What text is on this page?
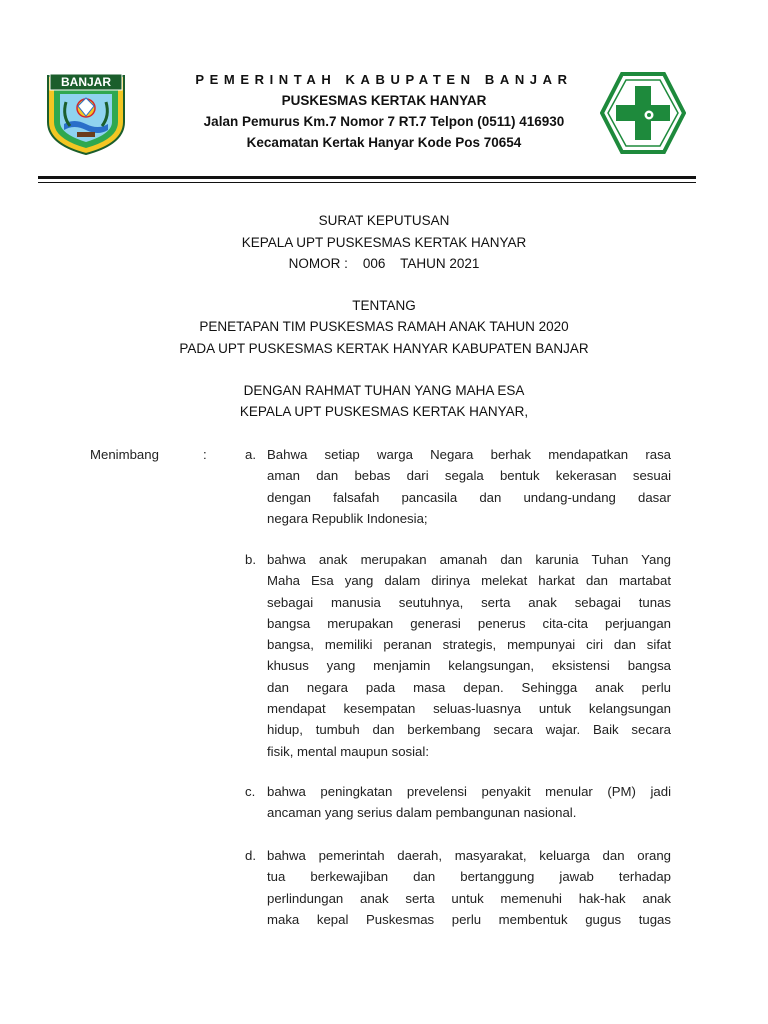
BANJAR	PEMERINTAH KABUPATEN BANJAR
PUSKESMAS KERTAK HANYAR
Jalan Pemurus Km.7 Nomor 7 RT.7 Telpon (0511) 416930
Kecamatan Kertak Hanyar Kode Pos 70654
SURAT KEPUTUSAN
KEPALA UPT PUSKESMAS KERTAK HANYAR
NOMOR : 006 TAHUN 2021
TENTANG
PENETAPAN TIM PUSKESMAS RAMAH ANAK TAHUN 2020
PADA UPT PUSKESMAS KERTAK HANYAR KABUPATEN BANJAR
DENGAN RAHMAT TUHAN YANG MAHA ESA
KEPALA UPT PUSKESMAS KERTAK HANYAR,
Menimbang	:	a. Bahwa setiap warga Negara berhak mendapatkan rasa
aman dan bebas dari segala bentuk kekerasan sesuai
dengan falsafah pancasila dan undang-undang dasar
negara Republik Indonesia;
b. bahwa anak merupakan amanah dan karunia Tuhan Yang
Maha Esa yang dalam dirinya melekat harkat dan martabat
sebagai manusia seutuhnya, serta anak sebagai tunas
bangsa merupakan generasi penerus cita-cita perjuangan
bangsa, memiliki peranan strategis, mempunyai ciri dan sifat
khusus yang menjamin kelangsungan, eksistensi bangsa
dan negara pada masa depan. Sehingga anak perlu
mendapat kesempatan seluas-luasnya untuk kelangsungan
hidup, tumbuh dan berkembang secara wajar. Baik secara
fisik, mental maupun sosial:
c. bahwa peningkatan prevelensi penyakit menular (PM) jadi
ancaman yang serius dalam pembangunan nasional.
d. bahwa pemerintah daerah, masyarakat, keluarga dan orang
tua berkewajiban dan bertanggung jawab terhadap
perlindungan anak serta untuk memenuhi hak-hak anak
maka kepal Puskesmas perlu membentuk gugus tugas
